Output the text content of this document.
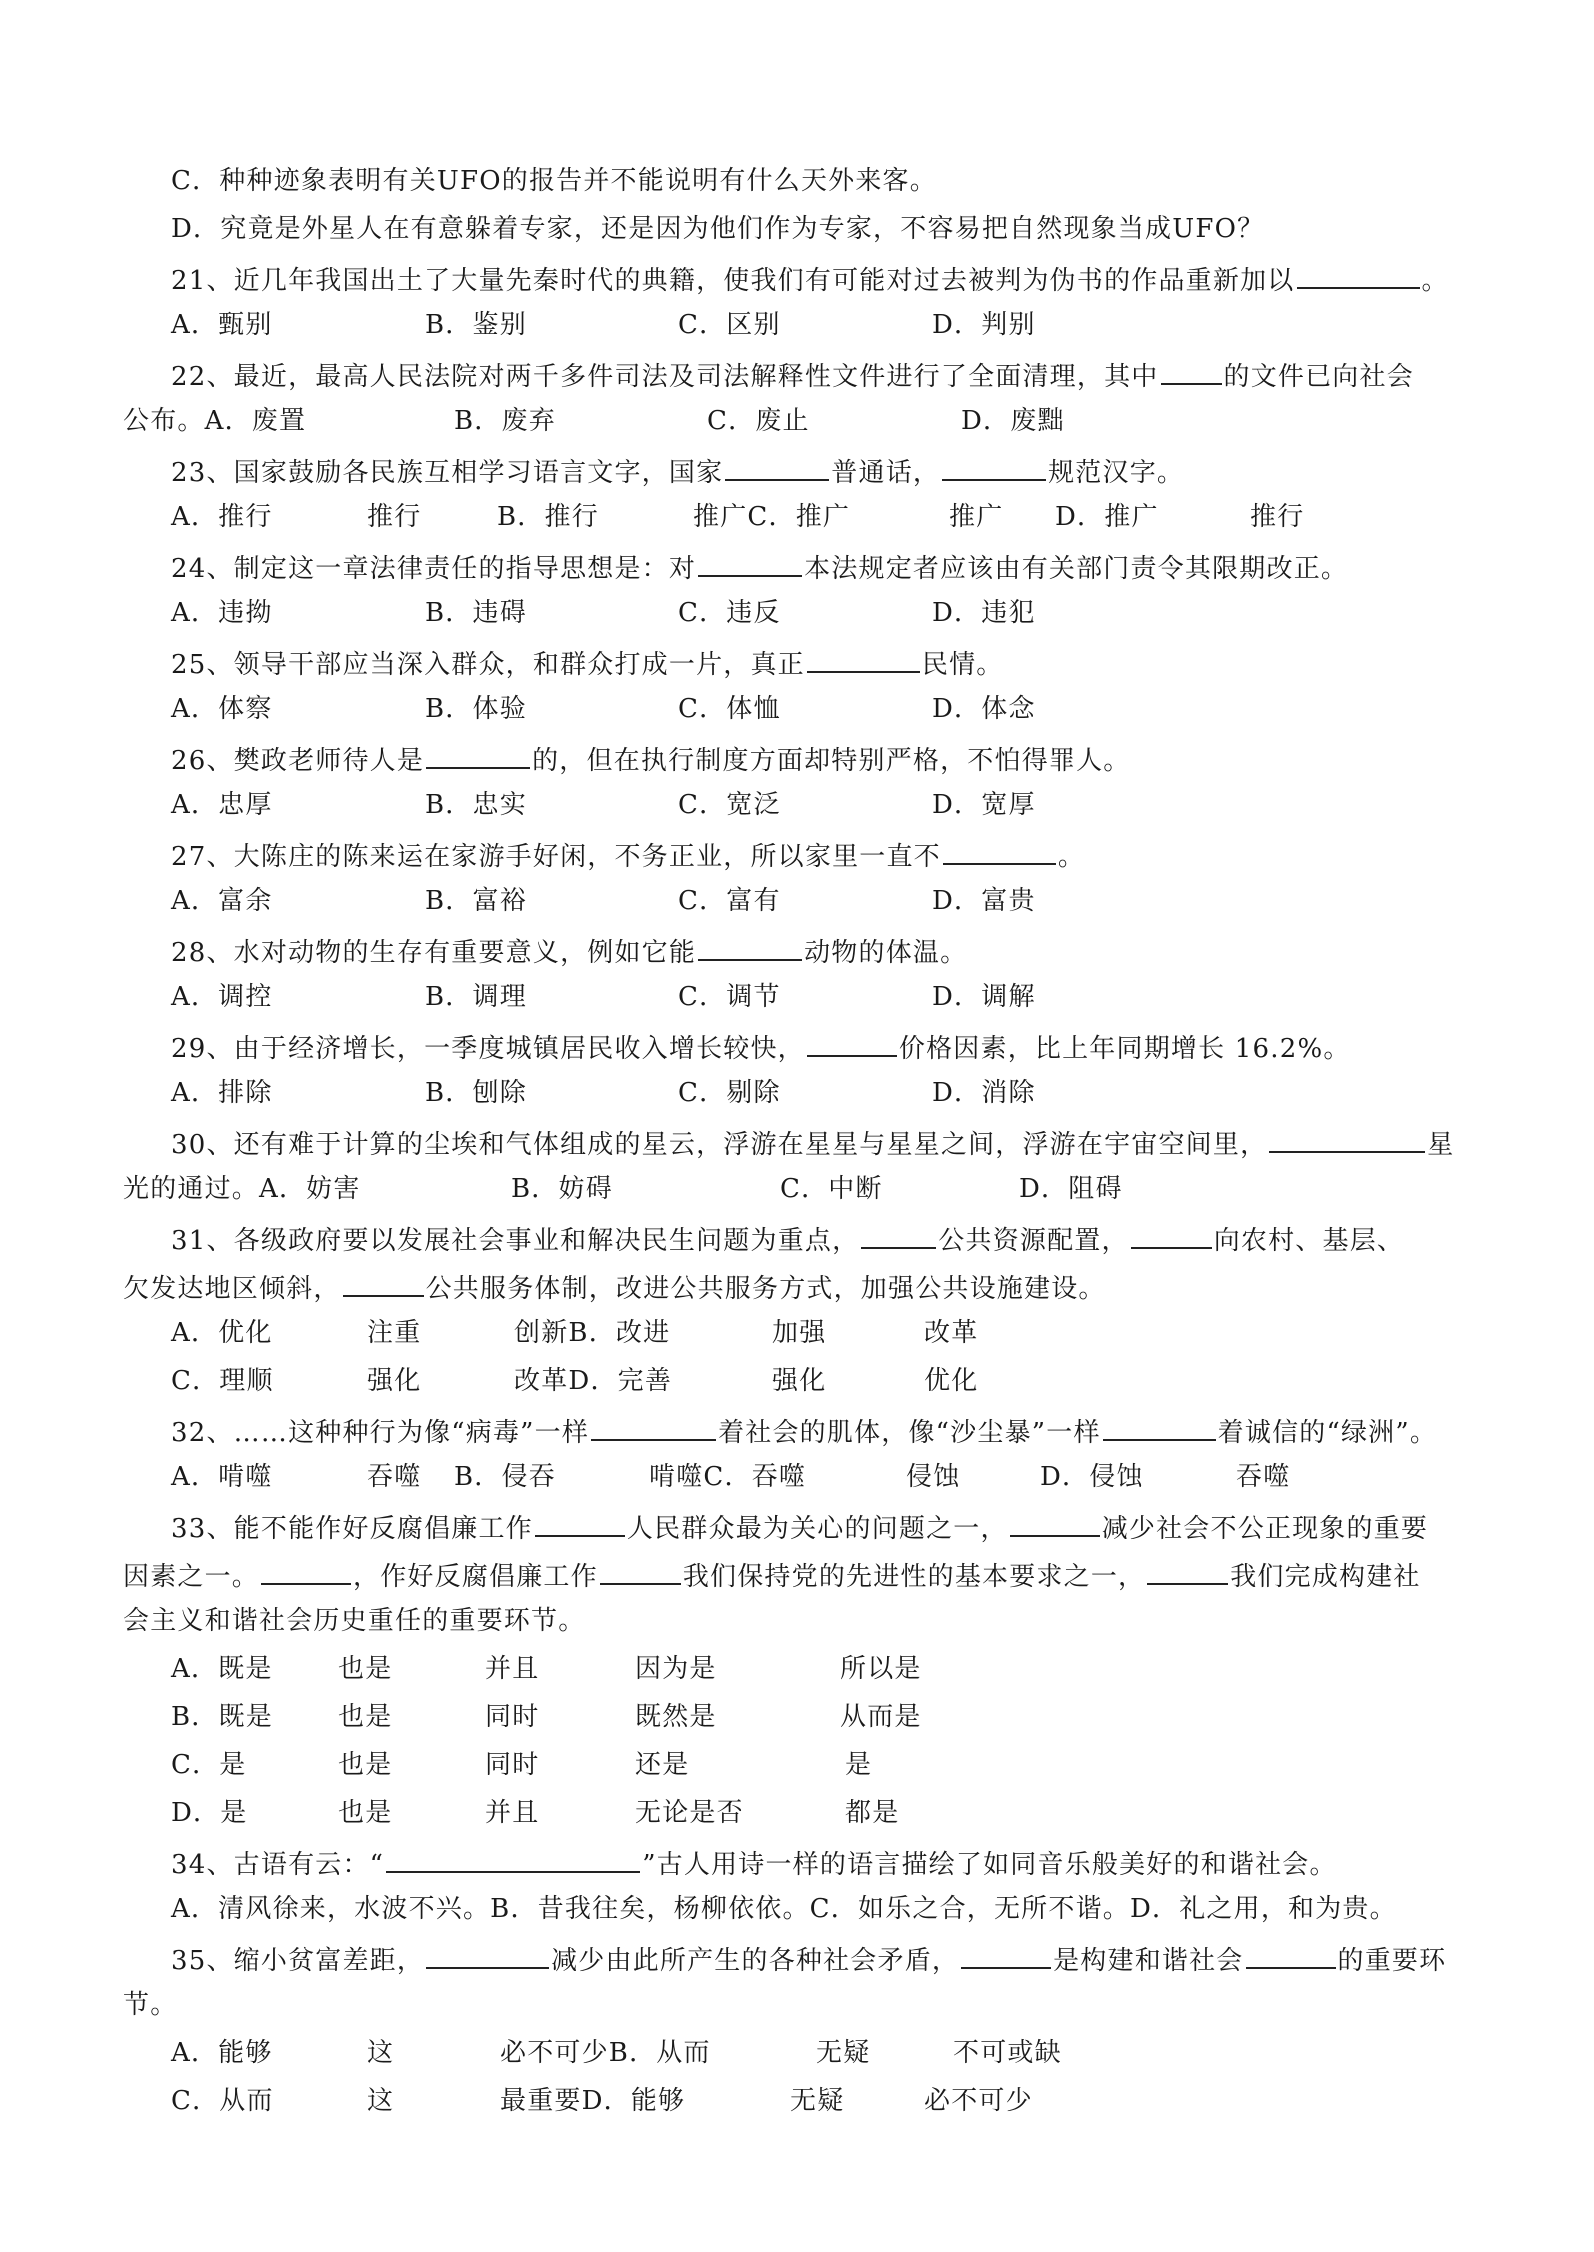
C．种种迹象表明有关UFO的报告并不能说明有什么天外来客。
D．究竟是外星人在有意躲着专家，还是因为他们作为专家，不容易把自然现象当成UFO？
21、近几年我国出土了大量先秦时代的典籍，使我们有可能对过去被判为伪书的作品重新加以	。
A．甄别	B．鉴别	C．区别	D．判别
22、最近，最高人民法院对两千多件司法及司法解释性文件进行了全面清理，其中	的文件已向社会
公布。A．废置	B．废弃	C．废止	D．废黜
23、国家鼓励各民族互相学习语言文字，国家	普通话，	规范汉字。
A．推行	推行	B．推行	推广C．推广	推广 D．推广	推行
24、制定这一章法律责任的指导思想是：对	本法规定者应该由有关部门责令其限期改正。
A．违拗	B．违碍	C．违反	D．违犯
25、领导干部应当深入群众，和群众打成一片，真正	民情。
A．体察	B．体验	C．体恤	D．体念
26、樊政老师待人是	的，但在执行制度方面却特别严格，不怕得罪人。
A．忠厚	B．忠实	C．宽泛	D．宽厚
27、大陈庄的陈来运在家游手好闲，不务正业，所以家里一直不	。
A．富余	B．富裕	C．富有	D．富贵
28、水对动物的生存有重要意义，例如它能	动物的体温。
A．调控	B．调理	C．调节	D．调解
29、由于经济增长，一季度城镇居民收入增长较快，	价格因素，比上年同期增长 16.2%。
A．排除	B．刨除	C．剔除	D．消除
30、还有难于计算的尘埃和气体组成的星云，浮游在星星与星星之间，浮游在宇宙空间里，	星
光的通过。A．妨害	B．妨碍	C．中断	D．阻碍
31、各级政府要以发展社会事业和解决民生问题为重点，	公共资源配置，	向农村、基层、
欠发达地区倾斜，	公共服务体制，改进公共服务方式，加强公共设施建设。
A．优化	注重	创新B．改进	加强	改革
C．理顺	强化	改革D．完善	强化	优化
32、……这种种行为像“病毒”一样	着社会的肌体，像“沙尘暴”一样	着诚信的“绿洲”。
A．啃噬	吞噬 B．侵吞	啃噬C．吞噬	侵蚀	D．侵蚀	吞噬
33、能不能作好反腐倡廉工作	人民群众最为关心的问题之一，	减少社会不公正现象的重要
因素之一。	，作好反腐倡廉工作	我们保持党的先进性的基本要求之一，	我们完成构建社
会主义和谐社会历史重任的重要环节。
A．既是	也是	并且	因为是	所以是
B．既是	也是	同时	既然是	从而是
C．是	也是	同时	还是	是
D．是	也是	并且	无论是否	都是
34、古语有云：“	”古人用诗一样的语言描绘了如同音乐般美好的和谐社会。
A．清风徐来，水波不兴。B．昔我往矣，杨柳依依。C．如乐之合，无所不谐。D．礼之用，和为贵。
35、缩小贫富差距，	减少由此所产生的各种社会矛盾，	是构建和谐社会	的重要环
节。
A．能够	这	必不可少B．从而	无疑	不可或缺
C．从而	这	最重要D．能够	无疑	必不可少
